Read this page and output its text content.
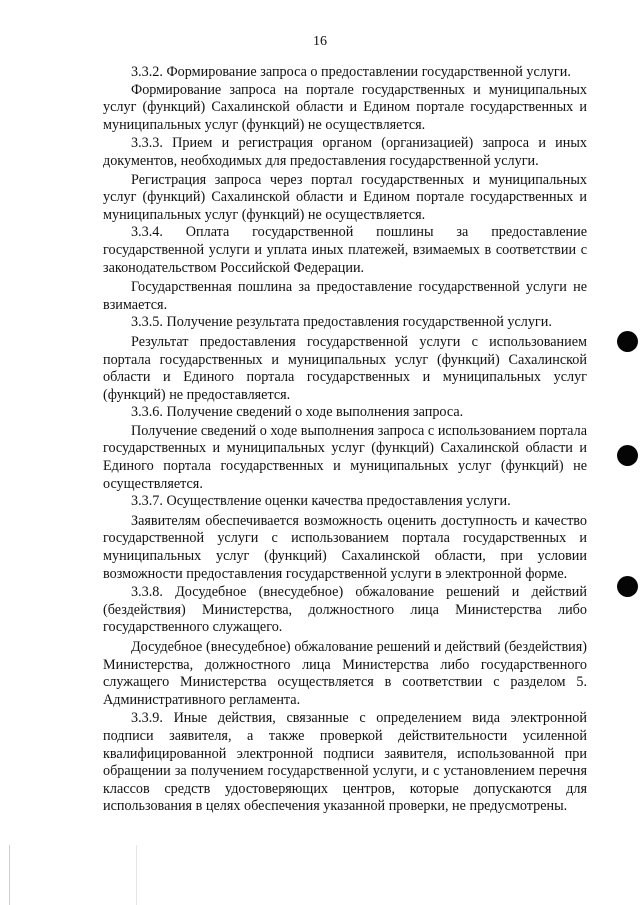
16

3.3.2. Формирование запроса о предоставлении государственной услуги.

Формирование запроса на портале государственных и муниципальных услуг (функций) Сахалинской области и Едином портале государственных и муниципальных услуг (функций) не осуществляется.

3.3.3. Прием и регистрация органом (организацией) запроса и иных документов, необходимых для предоставления государственной услуги.

Регистрация запроса через портал государственных и муниципальных услуг (функций) Сахалинской области и Едином портале государственных и муниципальных услуг (функций) не осуществляется.

3.3.4. Оплата государственной пошлины за предоставление государственной услуги и уплата иных платежей, взимаемых в соответствии с законодательством Российской Федерации.

Государственная пошлина за предоставление государственной услуги не взимается.

3.3.5. Получение результата предоставления государственной услуги.

Результат предоставления государственной услуги с использованием портала государственных и муниципальных услуг (функций) Сахалинской области и Единого портала государственных и муниципальных услуг (функций) не предоставляется.

3.3.6. Получение сведений о ходе выполнения запроса.

Получение сведений о ходе выполнения запроса с использованием портала государственных и муниципальных услуг (функций) Сахалинской области и Единого портала государственных и муниципальных услуг (функций) не осуществляется.

3.3.7. Осуществление оценки качества предоставления услуги.

Заявителям обеспечивается возможность оценить доступность и качество государственной услуги с использованием портала государственных и муниципальных услуг (функций) Сахалинской области, при условии возможности предоставления государственной услуги в электронной форме.

3.3.8. Досудебное (внесудебное) обжалование решений и действий (бездействия) Министерства, должностного лица Министерства либо государственного служащего.

Досудебное (внесудебное) обжалование решений и действий (бездействия) Министерства, должностного лица Министерства либо государственного служащего Министерства осуществляется в соответствии с разделом 5. Административного регламента.

3.3.9. Иные действия, связанные с определением вида электронной подписи заявителя, а также проверкой действительности усиленной квалифицированной электронной подписи заявителя, использованной при обращении за получением государственной услуги, и с установлением перечня классов средств удостоверяющих центров, которые допускаются для использования в целях обеспечения указанной проверки, не предусмотрены.
